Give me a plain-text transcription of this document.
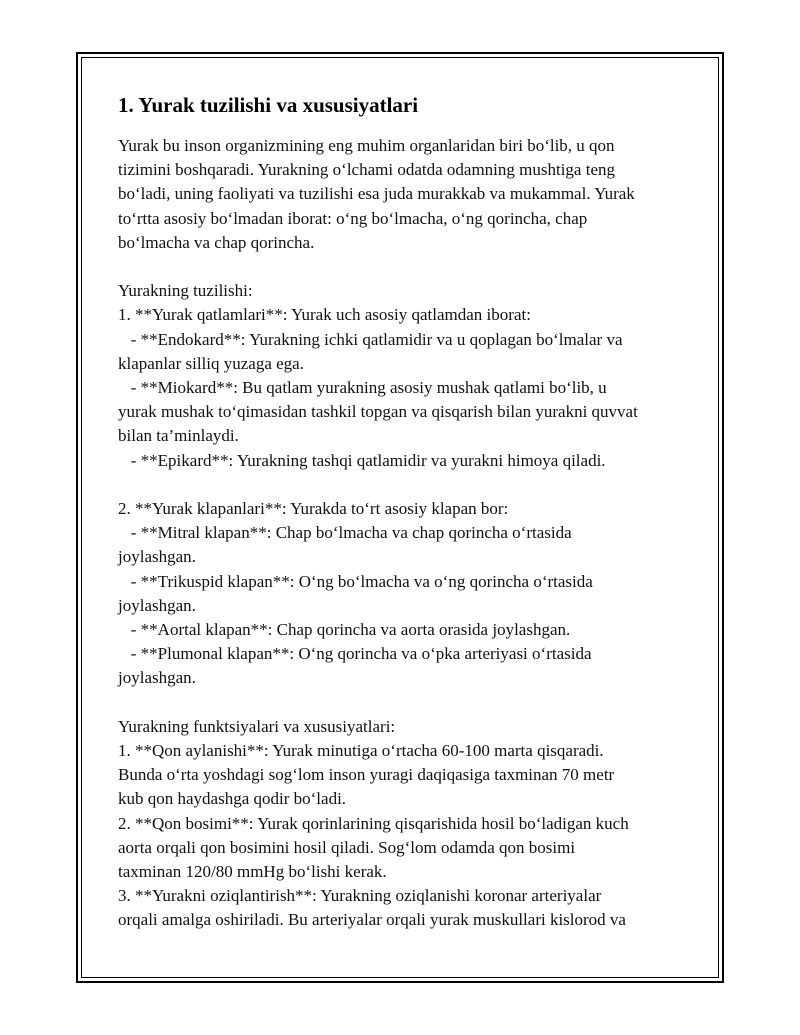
1. Yurak tuzilishi va xususiyatlari
Yurak bu inson organizmining eng muhim organlaridan biri bo‘lib, u qon
tizimini boshqaradi. Yurakning o‘lchami odatda odamning mushtiga teng
bo‘ladi, uning faoliyati va tuzilishi esa juda murakkab va mukammal. Yurak
to‘rtta asosiy bo‘lmadan iborat: o‘ng bo‘lmacha, o‘ng qorincha, chap
bo‘lmacha va chap qorincha.
Yurakning tuzilishi:
1. **Yurak qatlamlari**: Yurak uch asosiy qatlamdan iborat:
- **Endokard**: Yurakning ichki qatlamidir va u qoplagan bo‘lmalar va
klapanlar silliq yuzaga ega.
- **Miokard**: Bu qatlam yurakning asosiy mushak qatlami bo‘lib, u
yurak mushak to‘qimasidan tashkil topgan va qisqarish bilan yurakni quvvat
bilan ta’minlaydi.
- **Epikard**: Yurakning tashqi qatlamidir va yurakni himoya qiladi.
2. **Yurak klapanlari**: Yurakda to‘rt asosiy klapan bor:
- **Mitral klapan**: Chap bo‘lmacha va chap qorincha o‘rtasida
joylashgan.
- **Trikuspid klapan**: O‘ng bo‘lmacha va o‘ng qorincha o‘rtasida
joylashgan.
- **Aortal klapan**: Chap qorincha va aorta orasida joylashgan.
- **Plumonal klapan**: O‘ng qorincha va o‘pka arteriyasi o‘rtasida
joylashgan.
Yurakning funktsiyalari va xususiyatlari:
1. **Qon aylanishi**: Yurak minutiga o‘rtacha 60-100 marta qisqaradi.
Bunda o‘rta yoshdagi sog‘lom inson yuragi daqiqasiga taxminan 70 metr
kub qon haydashga qodir bo‘ladi.
2. **Qon bosimi**: Yurak qorinlarining qisqarishida hosil bo‘ladigan kuch
aorta orqali qon bosimini hosil qiladi. Sog‘lom odamda qon bosimi
taxminan 120/80 mmHg bo‘lishi kerak.
3. **Yurakni oziqlantirish**: Yurakning oziqlanishi koronar arteriyalar
orqali amalga oshiriladi. Bu arteriyalar orqali yurak muskullari kislorod va
